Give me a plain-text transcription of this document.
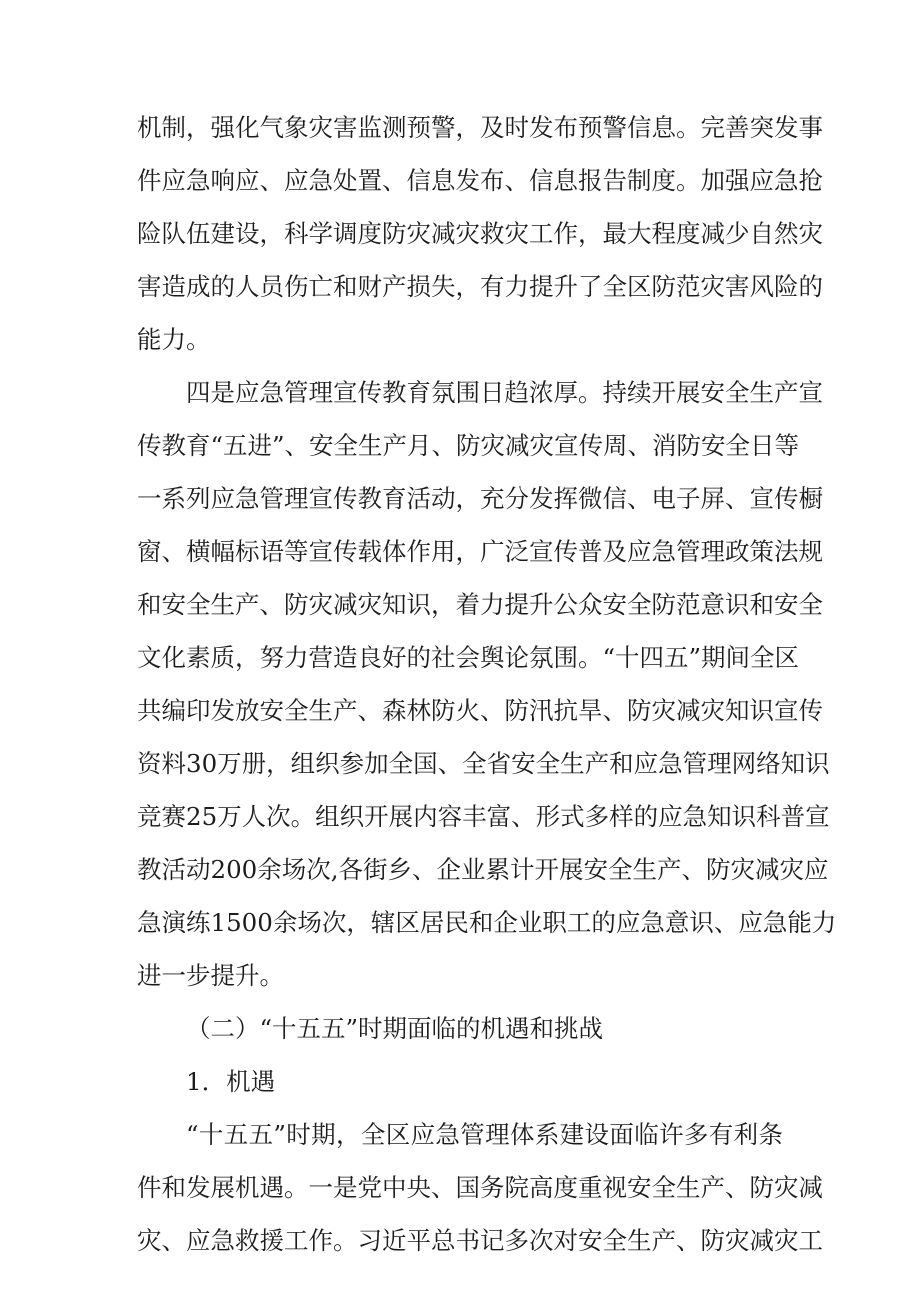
机制，强化气象灾害监测预警，及时发布预警信息。完善突发事

件应急响应、应急处置、信息发布、信息报告制度。加强应急抢

险队伍建设，科学调度防灾减灾救灾工作，最大程度减少自然灾

害造成的人员伤亡和财产损失，有力提升了全区防范灾害风险的

能力。

四是应急管理宣传教育氛围日趋浓厚。持续开展安全生产宣

传教育“五进”、安全生产月、防灾减灾宣传周、消防安全日等

一系列应急管理宣传教育活动，充分发挥微信、电子屏、宣传橱

窗、横幅标语等宣传载体作用，广泛宣传普及应急管理政策法规

和安全生产、防灾减灾知识，着力提升公众安全防范意识和安全

文化素质，努力营造良好的社会舆论氛围。“十四五”期间全区

共编印发放安全生产、森林防火、防汛抗旱、防灾减灾知识宣传

资料30万册，组织参加全国、全省安全生产和应急管理网络知识

竞赛25万人次。组织开展内容丰富、形式多样的应急知识科普宣

教活动200余场次,各街乡、企业累计开展安全生产、防灾减灾应

急演练1500余场次，辖区居民和企业职工的应急意识、应急能力

进一步提升。

（二）“十五五”时期面临的机遇和挑战

1．机遇

“十五五”时期，全区应急管理体系建设面临许多有利条

件和发展机遇。一是党中央、国务院高度重视安全生产、防灾减

灾、应急救援工作。习近平总书记多次对安全生产、防灾减灾工
